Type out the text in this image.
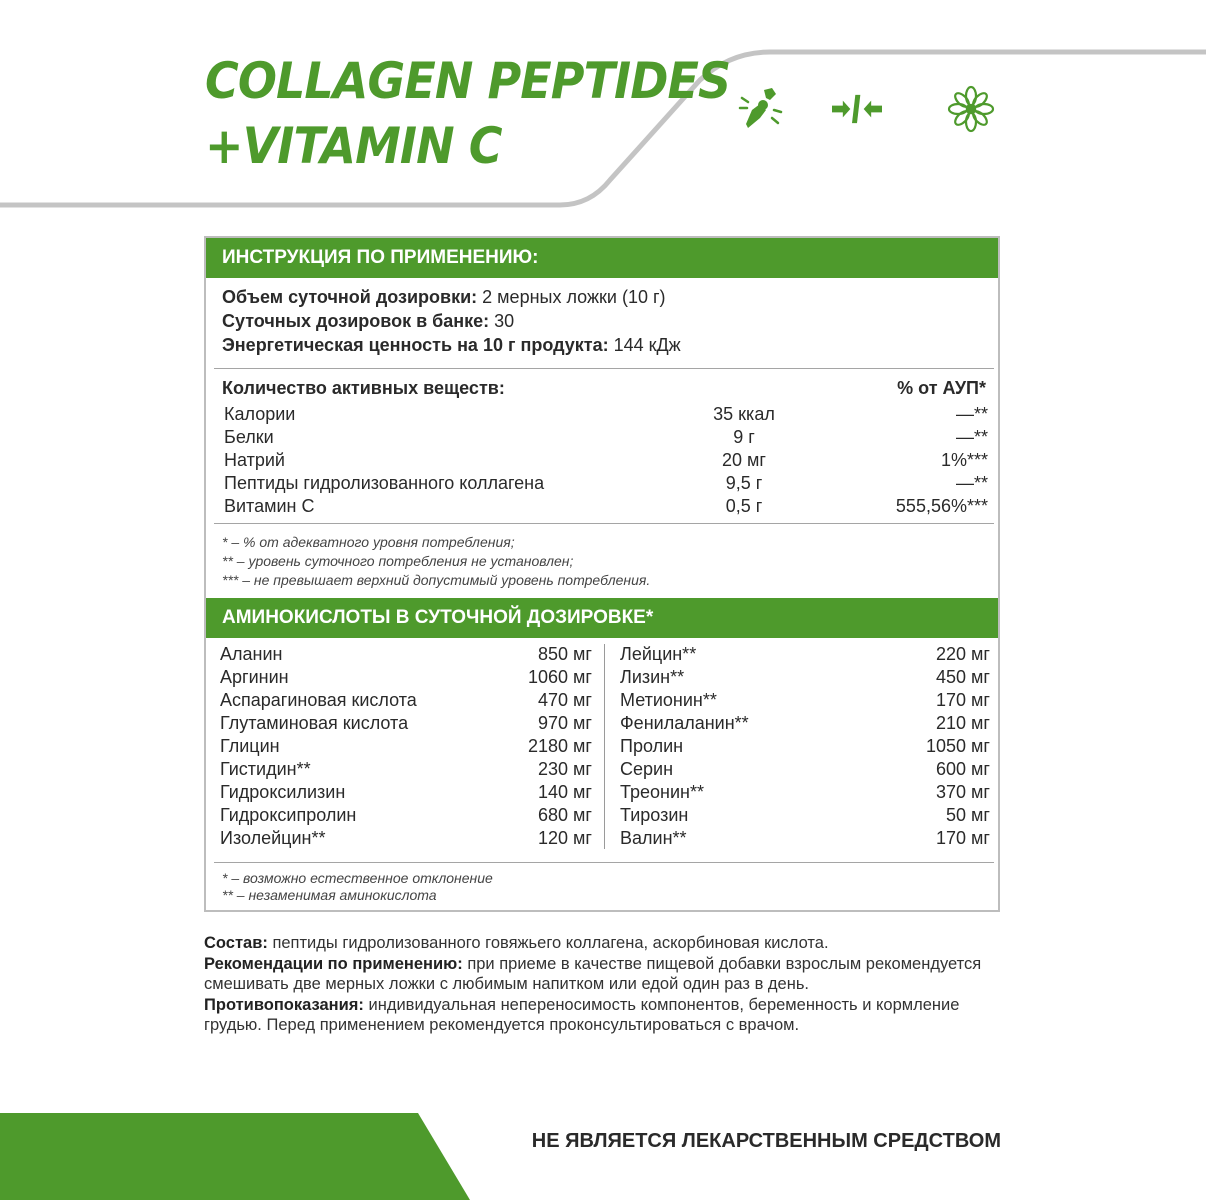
COLLAGEN PEPTIDES
+VITAMIN C
ИНСТРУКЦИЯ ПО ПРИМЕНЕНИЮ:
Объем суточной дозировки: 2 мерных ложки (10 г)
Суточных дозировок в банке: 30
Энергетическая ценность на 10 г продукта: 144 кДж
Количество активных веществ:	% от АУП*
Калории	35 ккал	—**
Белки	9 г	—**
Натрий	20 мг	1%***
Пептиды гидролизованного коллагена	9,5 г	—**
Витамин С	0,5 г	555,56%***
* – % от адекватного уровня потребления;
** – уровень суточного потребления не установлен;
*** – не превышает верхний допустимый уровень потребления.
АМИНОКИСЛОТЫ В СУТОЧНОЙ ДОЗИРОВКЕ*
Аланин	850 мг
Аргинин	1060 мг
Аспарагиновая кислота	470 мг
Глутаминовая кислота	970 мг
Глицин	2180 мг
Гистидин**	230 мг
Гидроксилизин	140 мг
Гидроксипролин	680 мг
Изолейцин**	120 мг
Лейцин**	220 мг
Лизин**	450 мг
Метионин**	170 мг
Фенилаланин**	210 мг
Пролин	1050 мг
Серин	600 мг
Треонин**	370 мг
Тирозин	50 мг
Валин**	170 мг
* – возможно естественное отклонение
** – незаменимая аминокислота

Состав: пептиды гидролизованного говяжьего коллагена, аскорбиновая кислота.

Рекомендации по применению: при приеме в качестве пищевой добавки взрослым рекомендуется смешивать две мерных ложки с любимым напитком или едой один раз в день.

Противопоказания: индивидуальная непереносимость компонентов, беременность и кормление грудью. Перед применением рекомендуется проконсультироваться с врачом.

НЕ ЯВЛЯЕТСЯ ЛЕКАРСТВЕННЫМ СРЕДСТВОМ
